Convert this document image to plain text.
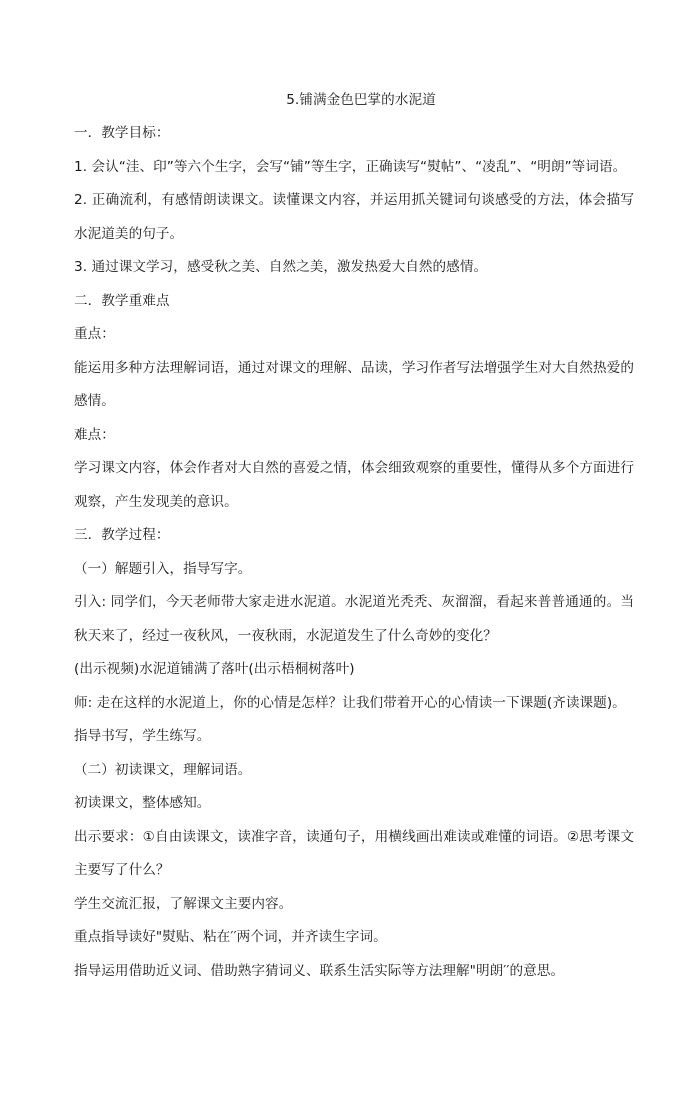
5.铺满金色巴掌的水泥道

一．教学目标：

1. 会认“洼、印”等六个生字，会写“铺”等生字，正确读写“熨帖”、“凌乱”、“明朗”等词语。

2. 正确流利，有感情朗读课文。读懂课文内容，并运用抓关键词句谈感受的方法，体会描写水泥道美的句子。

3. 通过课文学习，感受秋之美、自然之美，激发热爱大自然的感情。

二．教学重难点

重点：

能运用多种方法理解词语，通过对课文的理解、品读，学习作者写法增强学生对大自然热爱的感情。

难点：

学习课文内容，体会作者对大自然的喜爱之情，体会细致观察的重要性，懂得从多个方面进行观察，产生发现美的意识。

三．教学过程：

（一）解题引入，指导写字。

引入: 同学们，今天老师带大家走进水泥道。水泥道光秃秃、灰溜溜，看起来普普通通的。当秋天来了，经过一夜秋风，一夜秋雨，水泥道发生了什么奇妙的变化？

(出示视频)水泥道铺满了落叶(出示梧桐树落叶)

师: 走在这样的水泥道上，你的心情是怎样？让我们带着开心的心情读一下课题(齐读课题)。

指导书写，学生练写。

（二）初读课文，理解词语。

初读课文，整体感知。

出示要求：①自由读课文，读准字音，读通句子，用横线画出难读或难懂的词语。②思考课文主要写了什么？

学生交流汇报，了解课文主要内容。

重点指导读好"熨贴、粘在′′两个词，并齐读生字词。

指导运用借助近义词、借助熟字猜词义、联系生活实际等方法理解"明朗′′的意思。
